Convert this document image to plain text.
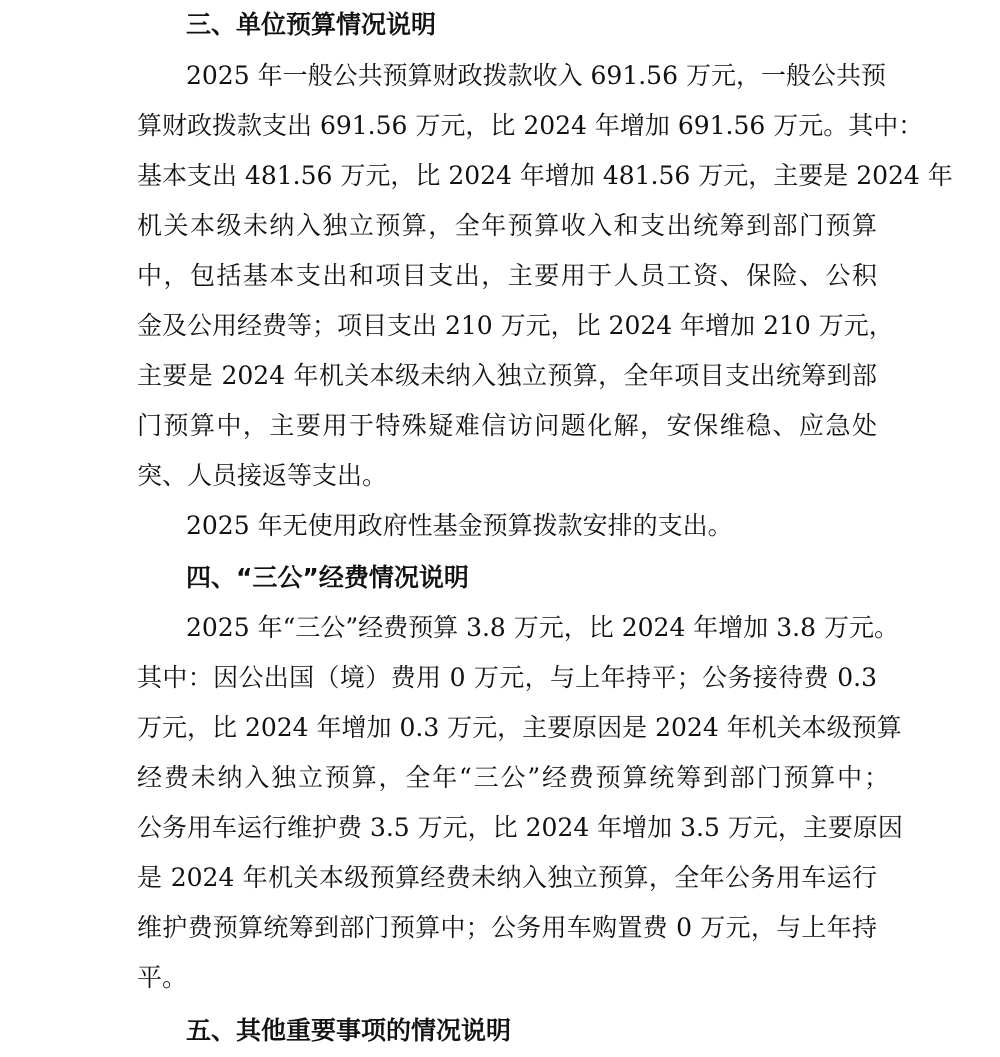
三、单位预算情况说明
2025 年一般公共预算财政拨款收入 691.56 万元，一般公共预
算财政拨款支出 691.56 万元，比 2024 年增加 691.56 万元。其中：
基本支出 481.56 万元，比 2024 年增加 481.56 万元，主要是 2024 年
机关本级未纳入独立预算，全年预算收入和支出统筹到部门预算
中，包括基本支出和项目支出，主要用于人员工资、保险、公积
金及公用经费等；项目支出 210 万元，比 2024 年增加 210 万元，
主要是 2024 年机关本级未纳入独立预算，全年项目支出统筹到部
门预算中，主要用于特殊疑难信访问题化解，安保维稳、应急处
突、人员接返等支出。
2025 年无使用政府性基金预算拨款安排的支出。
四、“三公”经费情况说明
2025 年“三公”经费预算 3.8 万元，比 2024 年增加 3.8 万元。
其中：因公出国（境）费用 0 万元，与上年持平；公务接待费 0.3
万元，比 2024 年增加 0.3 万元，主要原因是 2024 年机关本级预算
经费未纳入独立预算，全年“三公”经费预算统筹到部门预算中；
公务用车运行维护费 3.5 万元，比 2024 年增加 3.5 万元，主要原因
是 2024 年机关本级预算经费未纳入独立预算，全年公务用车运行
维护费预算统筹到部门预算中；公务用车购置费 0 万元，与上年持
平。
五、其他重要事项的情况说明
